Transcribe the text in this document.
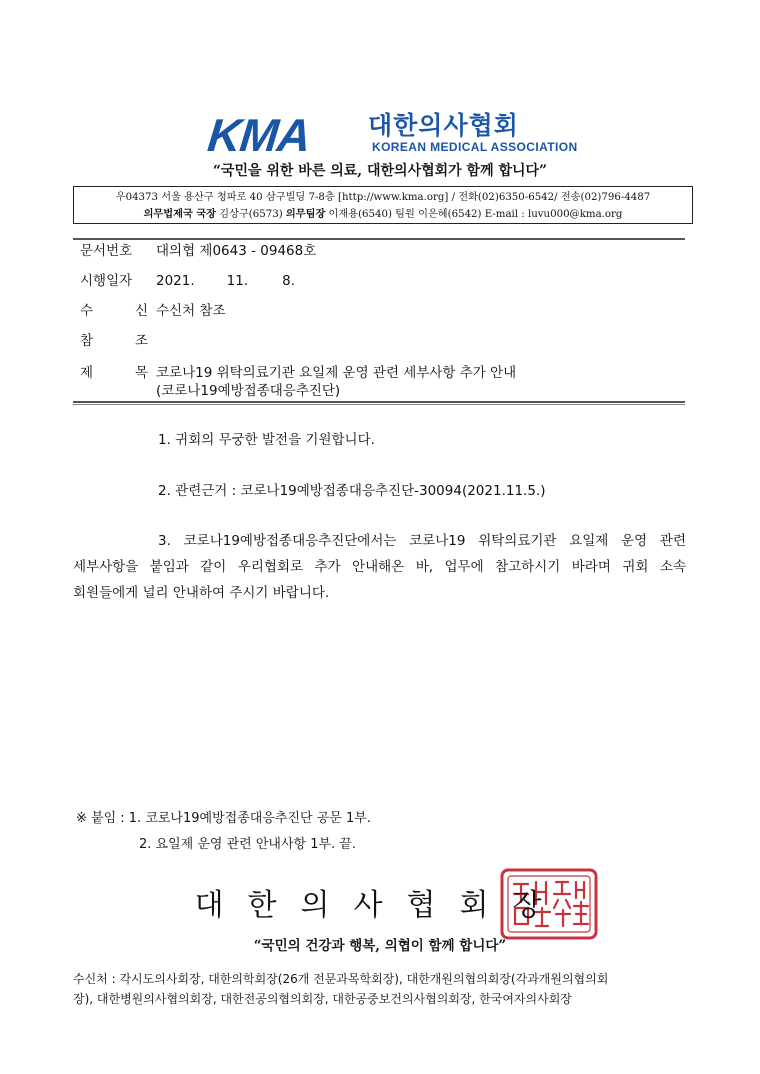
KMA 대한의사협회
KOREAN MEDICAL ASSOCIATION
“국민을 위한 바른 의료, 대한의사협회가 함께 합니다”
우04373 서울 용산구 청파로 40 삼구빌딩 7-8층 [http://www.kma.org] / 전화(02)6350-6542/ 전송(02)796-4487
의무법제국 국장 김상구(6573) 의무팀장 이재용(6540) 팀원 이은혜(6542) E-mail : luvu000@kma.org
문서번호 대의협 제0643 - 09468호
시행일자 2021. 11.	8.
수 신 수신처 참조
참 조
제 목 코로나19 위탁의료기관 요일제 운영 관련 세부사항 추가 안내
(코로나19예방접종대응추진단)
1. 귀회의 무궁한 발전을 기원합니다.
2. 관련근거 : 코로나19예방접종대응추진단-30094(2021.11.5.)
3. 코로나19예방접종대응추진단에서는 코로나19 위탁의료기관 요일제 운영 관련
세부사항을 붙임과 같이 우리협회로 추가 안내해온 바, 업무에 참고하시기 바라며 귀회 소속
회원들에게 널리 안내하여 주시기 바랍니다.
※ 붙임 : 1. 코로나19예방접종대응추진단 공문 1부.
2. 요일제 운영 관련 안내사항 1부. 끝.
대한의사협회장
“국민의 건강과 행복, 의협이 함께 합니다”
수신처 : 각시도의사회장, 대한의학회장(26개 전문과목학회장), 대한개원의협의회장(각과개원의협의회
장), 대한병원의사협의회장, 대한전공의협의회장, 대한공중보건의사협의회장, 한국여자의사회장
